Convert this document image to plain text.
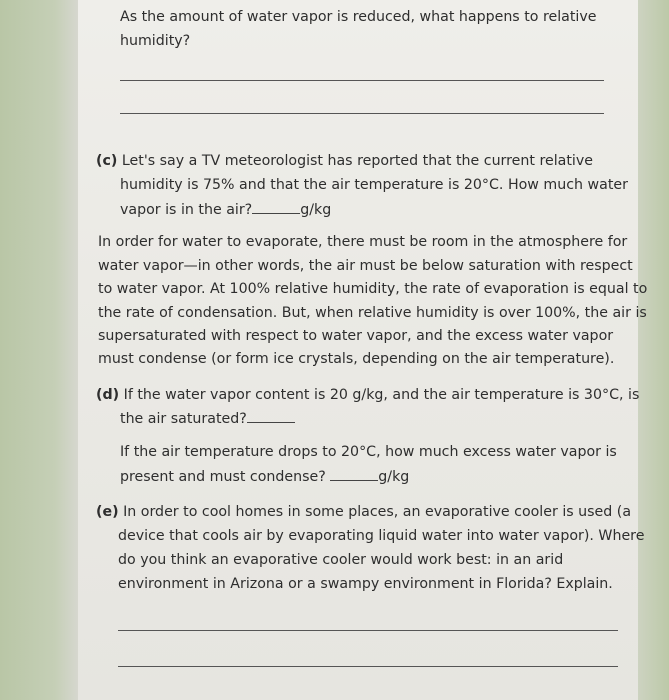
As the amount of water vapor is reduced, what happens to relative

humidity?

(c) Let's say a TV meteorologist has reported that the current relative

humidity is 75% and that the air temperature is 20°C. How much water

vapor is in the air?	g/kg

In order for water to evaporate, there must be room in the atmosphere for

water vapor—in other words, the air must be below saturation with respect

to water vapor. At 100% relative humidity, the rate of evaporation is equal to

the rate of condensation. But, when relative humidity is over 100%, the air is

supersaturated with respect to water vapor, and the excess water vapor

must condense (or form ice crystals, depending on the air temperature).

(d) If the water vapor content is 20 g/kg, and the air temperature is 30°C, is

the air saturated?

If the air temperature drops to 20°C, how much excess water vapor is

present and must condense?	g/kg

(e) In order to cool homes in some places, an evaporative cooler is used (a

device that cools air by evaporating liquid water into water vapor). Where

do you think an evaporative cooler would work best: in an arid

environment in Arizona or a swampy environment in Florida? Explain.
